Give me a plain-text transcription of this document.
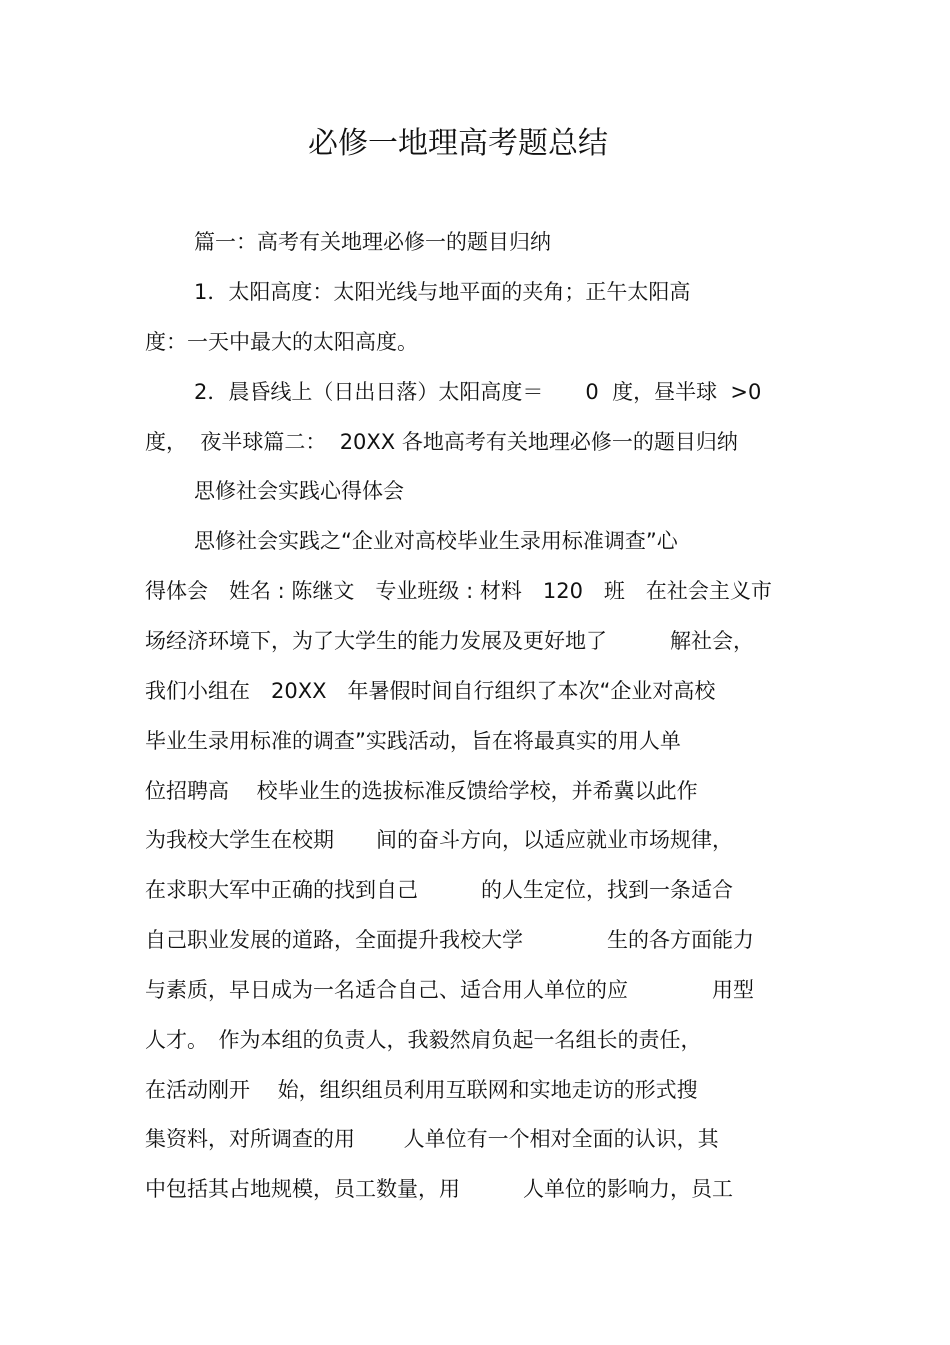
必修一地理高考题总结
篇一：高考有关地理必修一的题目归纳
1．太阳高度：太阳光线与地平面的夹角；正午太阳高
度：一天中最大的太阳高度。
2．晨昏线上（日出日落）太阳高度＝　　0  度，昼半球  >0
度，  夜半球篇二：  20XX 各地高考有关地理必修一的题目归纳
思修社会实践心得体会
思修社会实践之“企业对高校毕业生录用标准调查”心
得体会　姓名 : 陈继文　专业班级 : 材料　120　班　在社会主义市
场经济环境下，为了大学生的能力发展及更好地了　　　解社会，
我们小组在　20XX　年暑假时间自行组织了本次“企业对高校
毕业生录用标准的调查”实践活动，旨在将最真实的用人单
位招聘高　 校毕业生的选拔标准反馈给学校，并希冀以此作
为我校大学生在校期　　间的奋斗方向，以适应就业市场规律，
在求职大军中正确的找到自己　　　的人生定位，找到一条适合
自己职业发展的道路，全面提升我校大学　　　　生的各方面能力
与素质，早日成为一名适合自己、适合用人单位的应　　　　用型
人才。　作为本组的负责人，我毅然肩负起一名组长的责任，
在活动刚开　 始，组织组员利用互联网和实地走访的形式搜
集资料，对所调查的用　　 人单位有一个相对全面的认识，其
中包括其占地规模，员工数量，用　　　人单位的影响力，员工
